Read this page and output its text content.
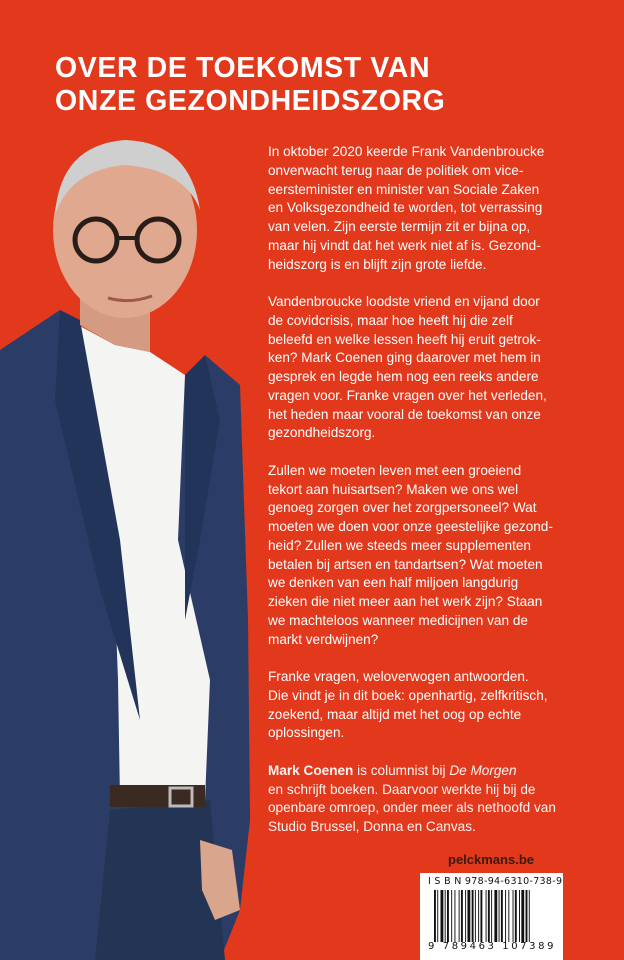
OVER DE TOEKOMST VAN
ONZE GEZONDHEIDSZORG
In oktober 2020 keerde Frank Vandenbroucke
onverwacht terug naar de politiek om vice-
eersteminister en minister van Sociale Zaken
en Volksgezondheid te worden, tot verrassing
van velen. Zijn eerste termijn zit er bijna op,
maar hij vindt dat het werk niet af is. Gezond-
heidszorg is en blijft zijn grote liefde.
Vandenbroucke loodste vriend en vijand door
de covidcrisis, maar hoe heeft hij die zelf
beleefd en welke lessen heeft hij eruit getrok-
ken? Mark Coenen ging daarover met hem in
gesprek en legde hem nog een reeks andere
vragen voor. Franke vragen over het verleden,
het heden maar vooral de toekomst van onze
gezondheidszorg.
Zullen we moeten leven met een groeiend
tekort aan huisartsen? Maken we ons wel
genoeg zorgen over het zorgpersoneel? Wat
moeten we doen voor onze geestelijke gezond-
heid? Zullen we steeds meer supplementen
betalen bij artsen en tandartsen? Wat moeten
we denken van een half miljoen langdurig
zieken die niet meer aan het werk zijn? Staan
we machteloos wanneer medicijnen van de
markt verdwijnen?
Franke vragen, weloverwogen antwoorden.
Die vindt je in dit boek: openhartig, zelfkritisch,
zoekend, maar altijd met het oog op echte
oplossingen.
Mark Coenen is columnist bij De Morgen
en schrijft boeken. Daarvoor werkte hij bij de
openbare omroep, onder meer als nethoofd van
Studio Brussel, Donna en Canvas.
pelckmans.be
I S B N 978-94-6310-738-9
9 789463 107389
